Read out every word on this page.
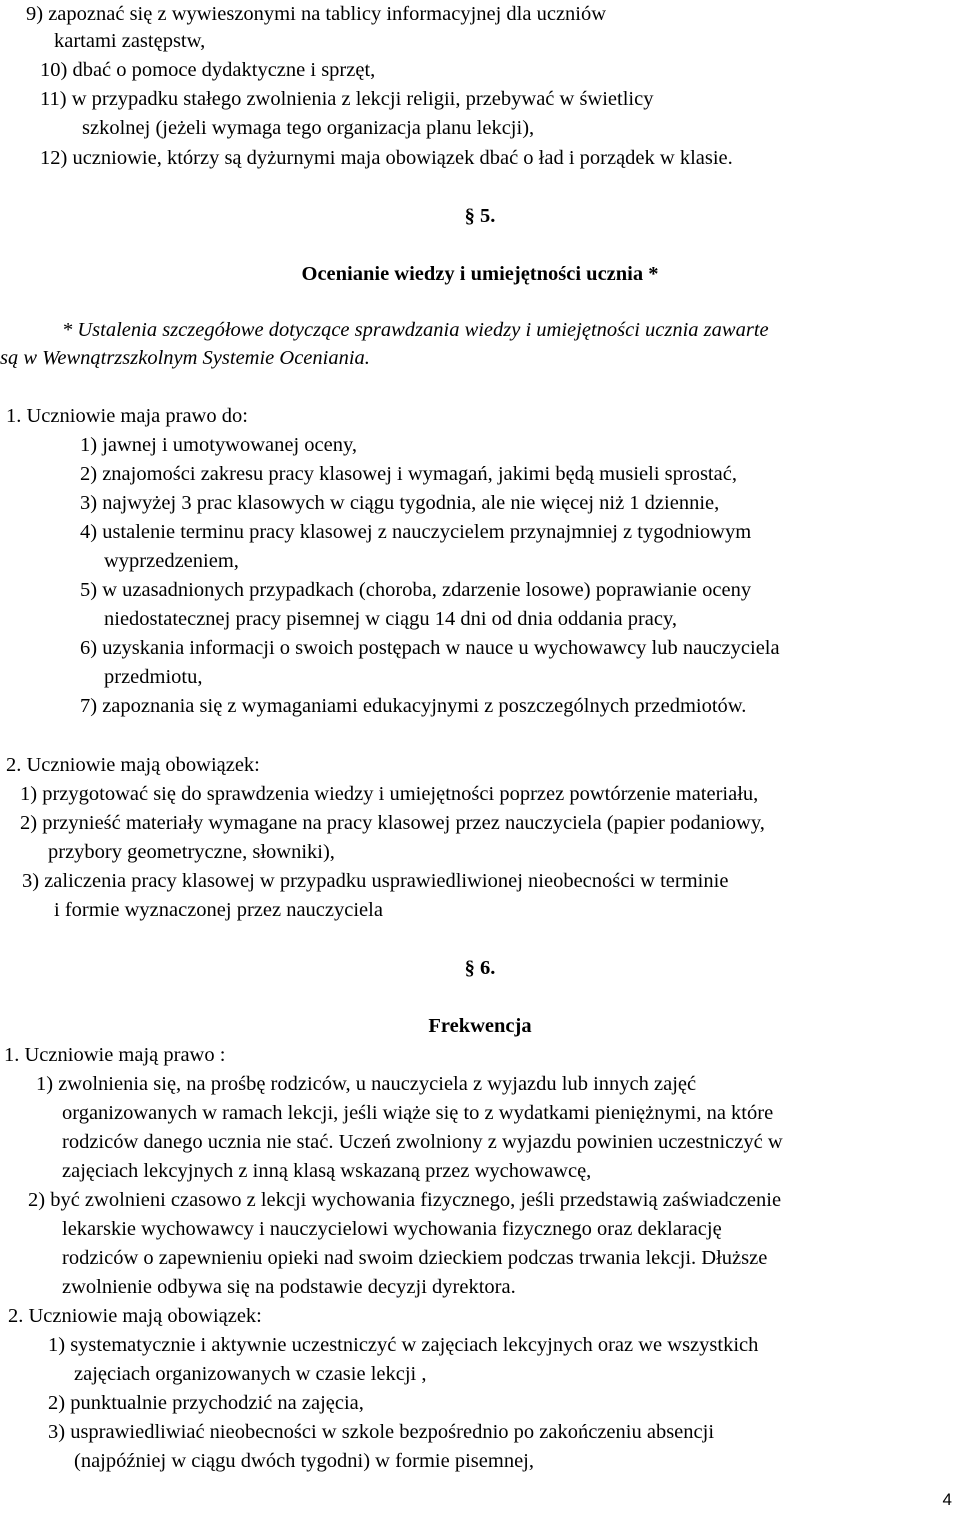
9) zapoznać się z wywieszonymi na tablicy informacyjnej dla uczniów
kartami zastępstw,
10) dbać o pomoce dydaktyczne i sprzęt,
11) w przypadku stałego zwolnienia z lekcji religii, przebywać w świetlicy
szkolnej (jeżeli wymaga tego organizacja planu lekcji),
12) uczniowie, którzy są dyżurnymi maja obowiązek dbać o ład i porządek w klasie.
§ 5.
Ocenianie wiedzy i umiejętności ucznia *
* Ustalenia szczegółowe dotyczące sprawdzania wiedzy i umiejętności ucznia zawarte
są w Wewnątrzszkolnym Systemie Oceniania.
1. Uczniowie maja prawo do:
1) jawnej i umotywowanej oceny,
2) znajomości zakresu pracy klasowej i wymagań, jakimi będą musieli sprostać,
3) najwyżej 3 prac klasowych w ciągu tygodnia, ale nie więcej niż 1 dziennie,
4) ustalenie terminu pracy klasowej z nauczycielem przynajmniej z tygodniowym
wyprzedzeniem,
5) w uzasadnionych przypadkach (choroba, zdarzenie losowe) poprawianie oceny
niedostatecznej pracy pisemnej w ciągu 14 dni od dnia oddania pracy,
6) uzyskania informacji o swoich postępach w nauce u wychowawcy lub nauczyciela
przedmiotu,
7) zapoznania się z wymaganiami edukacyjnymi z poszczególnych przedmiotów.
2. Uczniowie mają obowiązek:
1) przygotować się do sprawdzenia wiedzy i umiejętności poprzez powtórzenie materiału,
2) przynieść materiały wymagane na pracy klasowej przez nauczyciela (papier podaniowy,
przybory geometryczne, słowniki),
3) zaliczenia pracy klasowej w przypadku usprawiedliwionej nieobecności w terminie
i formie wyznaczonej przez nauczyciela
§ 6.
Frekwencja
1. Uczniowie mają prawo :
1) zwolnienia się, na prośbę rodziców, u nauczyciela z wyjazdu lub innych zajęć
organizowanych w ramach lekcji, jeśli wiąże się to z wydatkami pieniężnymi, na które
rodziców danego ucznia nie stać. Uczeń zwolniony z wyjazdu powinien uczestniczyć w
zajęciach lekcyjnych z inną klasą wskazaną przez wychowawcę,
2) być zwolnieni czasowo z lekcji wychowania fizycznego, jeśli przedstawią zaświadczenie
lekarskie wychowawcy i nauczycielowi wychowania fizycznego oraz deklarację
rodziców o zapewnieniu opieki nad swoim dzieckiem podczas trwania lekcji. Dłuższe
zwolnienie odbywa się na podstawie decyzji dyrektora.
2. Uczniowie mają obowiązek:
1) systematycznie i aktywnie uczestniczyć w zajęciach lekcyjnych oraz we wszystkich
zajęciach organizowanych w czasie lekcji ,
2) punktualnie przychodzić na zajęcia,
3) usprawiedliwiać nieobecności w szkole bezpośrednio po zakończeniu absencji
(najpóźniej w ciągu dwóch tygodni) w formie pisemnej,
4
